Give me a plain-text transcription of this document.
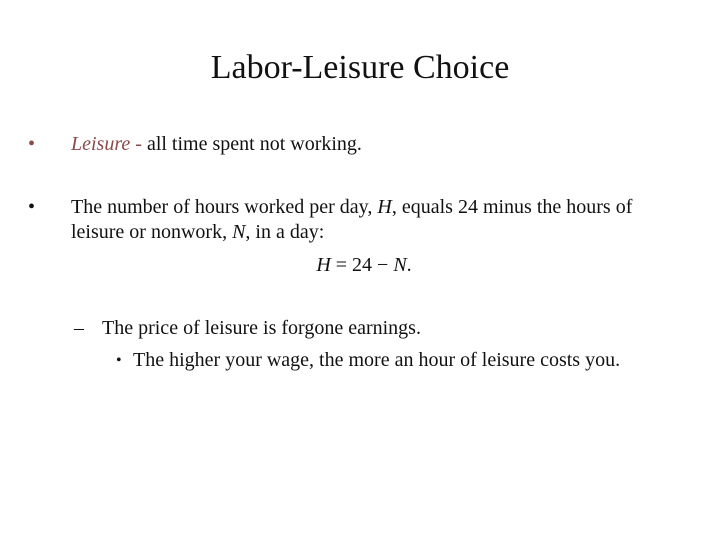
Labor-Leisure Choice
• Leisure - all time spent not working.
• The number of hours worked per day, H, equals 24 minus the hours of leisure or nonwork, N, in a day:
H = 24 − N.
– The price of leisure is forgone earnings.
• The higher your wage, the more an hour of leisure costs you.
